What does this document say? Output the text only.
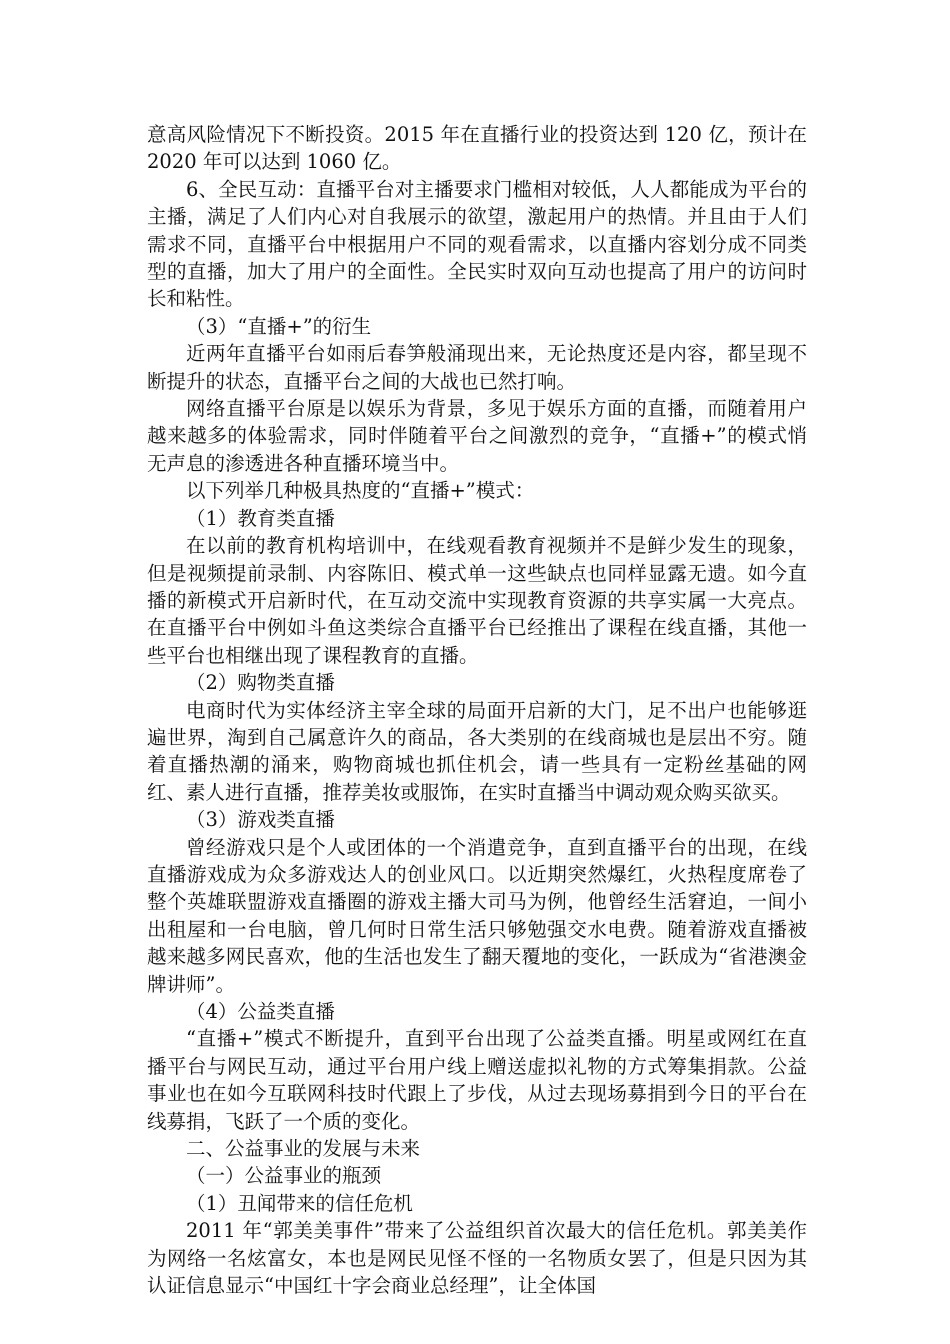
意高风险情况下不断投资。2015 年在直播行业的投资达到 120 亿，预计在 2020 年可以达到 1060 亿。

6、全民互动：直播平台对主播要求门槛相对较低，人人都能成为平台的主播，满足了人们内心对自我展示的欲望，激起用户的热情。并且由于人们需求不同，直播平台中根据用户不同的观看需求，以直播内容划分成不同类型的直播，加大了用户的全面性。全民实时双向互动也提高了用户的访问时长和粘性。

（3）“直播+”的衍生

近两年直播平台如雨后春笋般涌现出来，无论热度还是内容，都呈现不断提升的状态，直播平台之间的大战也已然打响。

网络直播平台原是以娱乐为背景，多见于娱乐方面的直播，而随着用户越来越多的体验需求，同时伴随着平台之间激烈的竞争，“直播+”的模式悄无声息的渗透进各种直播环境当中。

以下列举几种极具热度的“直播+”模式：

（1）教育类直播

在以前的教育机构培训中，在线观看教育视频并不是鲜少发生的现象，但是视频提前录制、内容陈旧、模式单一这些缺点也同样显露无遗。如今直播的新模式开启新时代，在互动交流中实现教育资源的共享实属一大亮点。在直播平台中例如斗鱼这类综合直播平台已经推出了课程在线直播，其他一些平台也相继出现了课程教育的直播。

（2）购物类直播

电商时代为实体经济主宰全球的局面开启新的大门，足不出户也能够逛遍世界，淘到自己属意许久的商品，各大类别的在线商城也是层出不穷。随着直播热潮的涌来，购物商城也抓住机会，请一些具有一定粉丝基础的网红、素人进行直播，推荐美妆或服饰，在实时直播当中调动观众购买欲买。

（3）游戏类直播

曾经游戏只是个人或团体的一个消遣竞争，直到直播平台的出现，在线直播游戏成为众多游戏达人的创业风口。以近期突然爆红，火热程度席卷了整个英雄联盟游戏直播圈的游戏主播大司马为例，他曾经生活窘迫，一间小出租屋和一台电脑，曾几何时日常生活只够勉强交水电费。随着游戏直播被越来越多网民喜欢，他的生活也发生了翻天覆地的变化，一跃成为“省港澳金牌讲师”。

（4）公益类直播

“直播+”模式不断提升，直到平台出现了公益类直播。明星或网红在直播平台与网民互动，通过平台用户线上赠送虚拟礼物的方式筹集捐款。公益事业也在如今互联网科技时代跟上了步伐，从过去现场募捐到今日的平台在线募捐，飞跃了一个质的变化。

二、公益事业的发展与未来

（一）公益事业的瓶颈

（1）丑闻带来的信任危机

2011 年“郭美美事件”带来了公益组织首次最大的信任危机。郭美美作为网络一名炫富女，本也是网民见怪不怪的一名物质女罢了，但是只因为其认证信息显示“中国红十字会商业总经理”，让全体国
